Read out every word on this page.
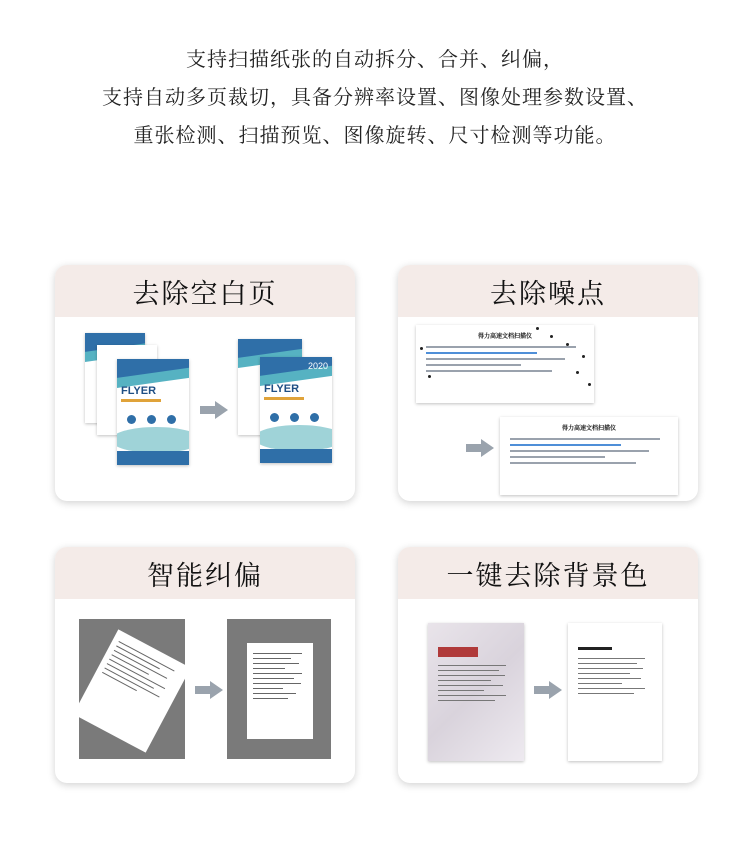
支持扫描纸张的自动拆分、合并、纠偏，

支持自动多页裁切，具备分辨率设置、图像处理参数设置、

重张检测、扫描预览、图像旋转、尺寸检测等功能。

去除空白页
FLYER
2020
FLYER
去除噪点
得力高速文档扫描仪
得力高速文档扫描仪
智能纠偏	一键去除背景色
